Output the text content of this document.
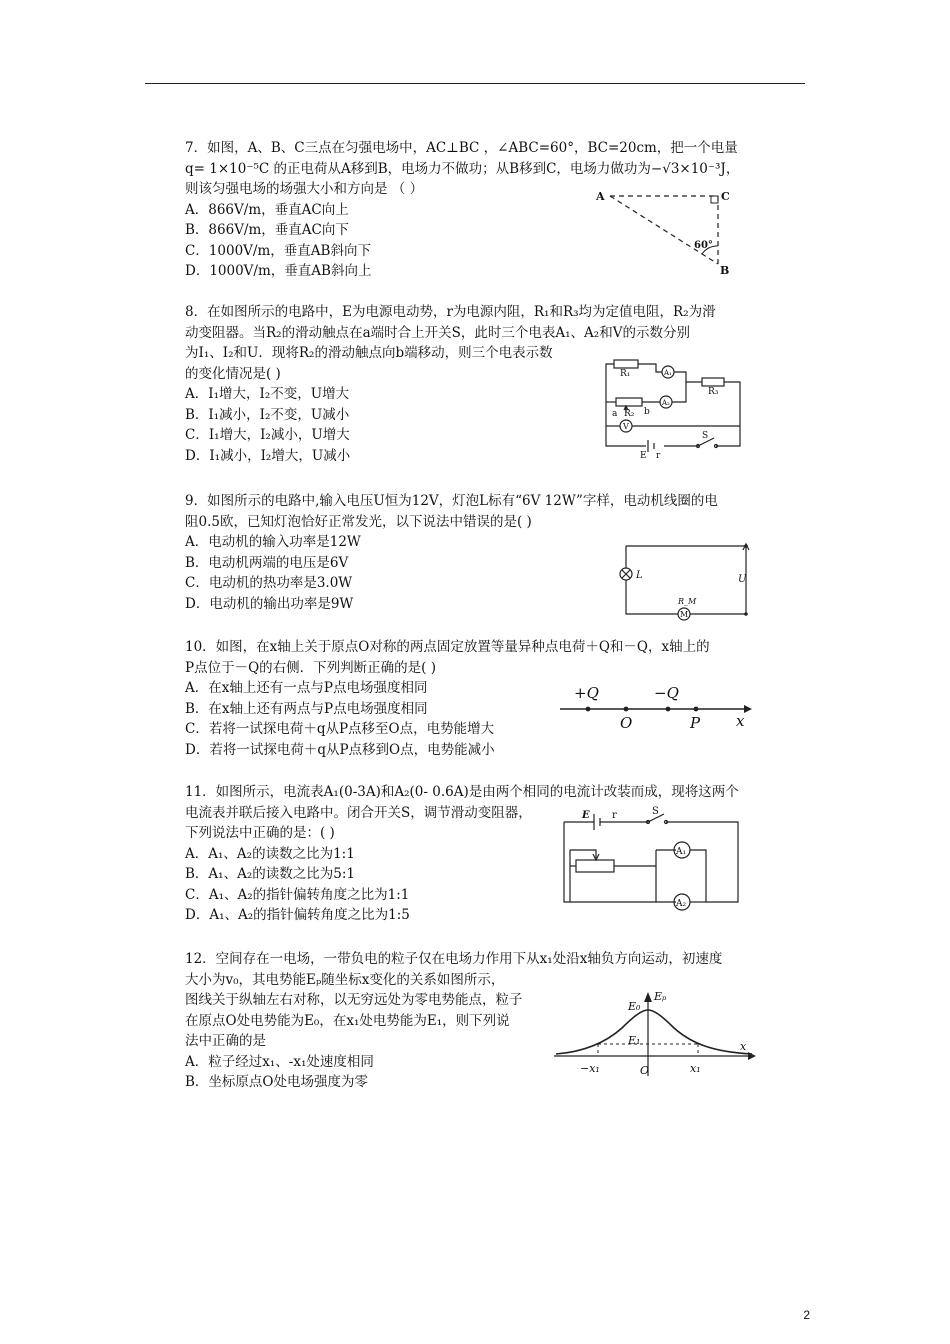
7．如图，A、B、C三点在匀强电场中，AC⊥BC ，∠ABC=60°，BC=20cm，把一个电量
q= 1×10⁻⁵C 的正电荷从A移到B，电场力不做功；从B移到C，电场力做功为−√3×10⁻³J，
则该匀强电场的场强大小和方向是 （ ）
A．866V/m，垂直AC向上
B．866V/m，垂直AC向下
C．1000V/m，垂直AB斜向下
D．1000V/m，垂直AB斜向上
A	C
B
60°
8．在如图所示的电路中，E为电源电动势，r为电源内阻，R₁和R₃均为定值电阻，R₂为滑
动变阻器。当R₂的滑动触点在a端时合上开关S，此时三个电表A₁、A₂和V的示数分别
为I₁、I₂和U．现将R₂的滑动触点向b端移动，则三个电表示数
的变化情况是( )
A．I₁增大，I₂不变，U增大
B．I₁减小，I₂不变，U减小
C．I₁增大，I₂减小，U增大
D．I₁减小，I₂增大，U减小
R₁
R₂
a	b
R₃
A₁
A₂
V
S
E r
9．如图所示的电路中,输入电压U恒为12V，灯泡L标有“6V 12W”字样，电动机线圈的电
阻0.5欧，已知灯泡恰好正常发光，以下说法中错误的是( )
A．电动机的输入功率是12W
B．电动机两端的电压是6V
C．电动机的热功率是3.0W
D．电动机的输出功率是9W
L	U
R_M
M
10．如图，在x轴上关于原点O对称的两点固定放置等量异种点电荷＋Q和－Q，x轴上的
P点位于－Q的右侧．下列判断正确的是( )
A．在x轴上还有一点与P点电场强度相同
B．在x轴上还有两点与P点电场强度相同
C．若将一试探电荷＋q从P点移至O点，电势能增大
D．若将一试探电荷＋q从P点移到O点，电势能减小
+Q	−Q
O	P x
11．如图所示，电流表A₁(0-3A)和A₂(0- 0.6A)是由两个相同的电流计改装而成，现将这两个
电流表并联后接入电路中。闭合开关S，调节滑动变阻器，
下列说法中正确的是：( )
A．A₁、A₂的读数之比为1:1
B．A₁、A₂的读数之比为5:1
C．A₁、A₂的指针偏转角度之比为1:1
D．A₁、A₂的指针偏转角度之比为1:5
E r	S
A₁
A₂
12．空间存在一电场，一带负电的粒子仅在电场力作用下从x₁处沿x轴负方向运动，初速度
大小为v₀，其电势能Eₚ随坐标x变化的关系如图所示，
图线关于纵轴左右对称，以无穷远处为零电势能点，粒子
在原点O处电势能为E₀，在x₁处电势能为E₁，则下列说
法中正确的是
A．粒子经过x₁、-x₁处速度相同
B．坐标原点O处电场强度为零
Eₚ
E₀
E₁
−x₁	O	x₁
x
2
